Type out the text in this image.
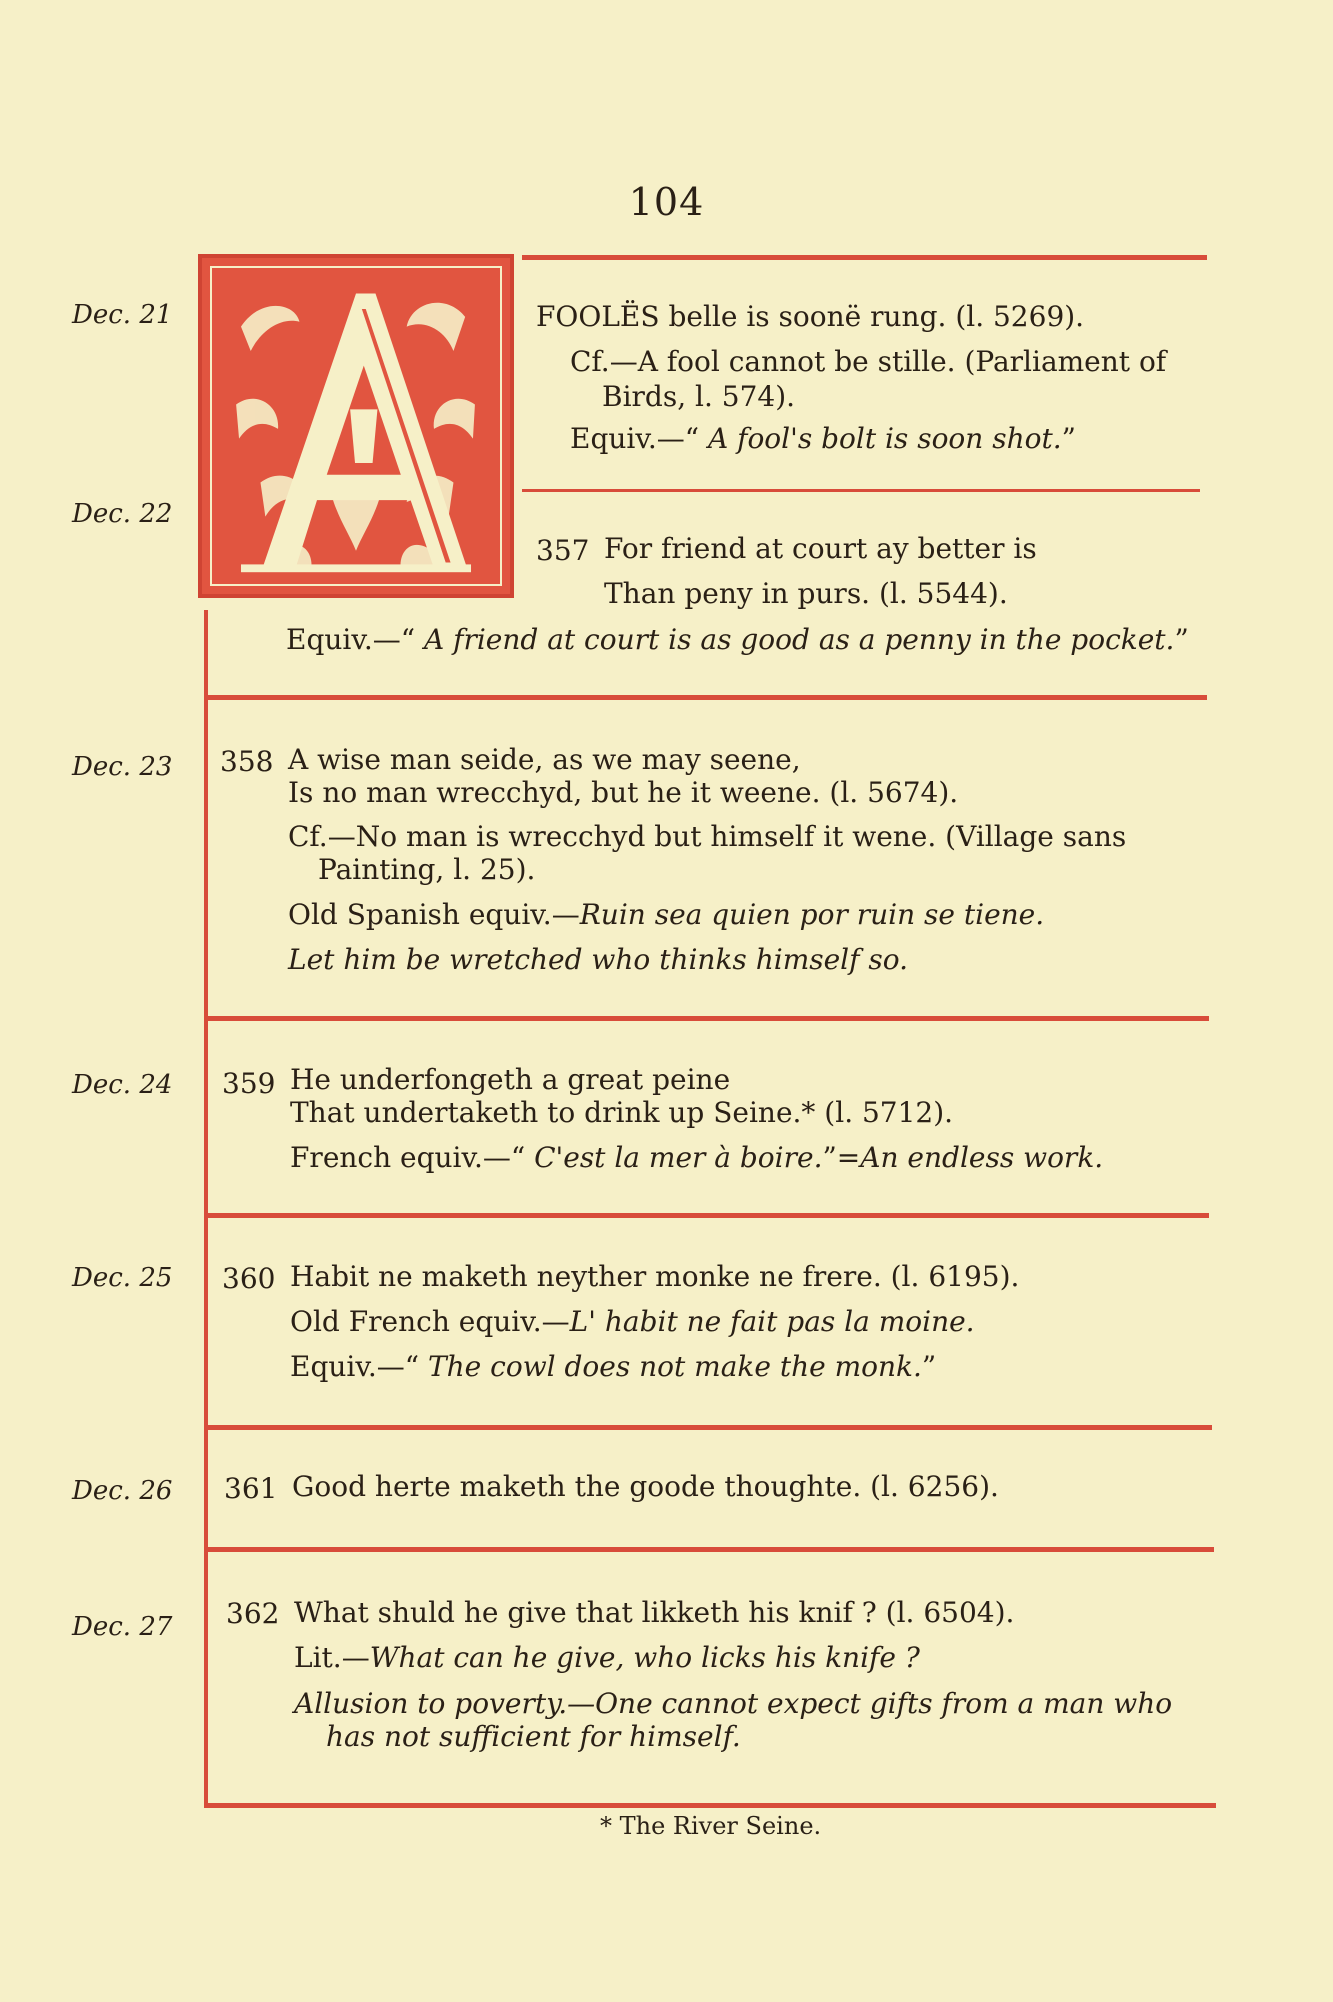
104
Dec. 21
Dec. 22
Dec. 23
Dec. 24
Dec. 25
Dec. 26
Dec. 27
FOOLËS belle is soonë rung. (l. 5269).
Cf.—A fool cannot be stille. (Parliament of
Birds, l. 574).
Equiv.—“ A fool's bolt is soon shot.”
357 For friend at court ay better is
Than peny in purs. (l. 5544).
Equiv.—“ A friend at court is as good as a penny in the pocket.”
358 A wise man seide, as we may seene,
Is no man wrecchyd, but he it weene. (l. 5674).
Cf.—No man is wrecchyd but himself it wene. (Village sans
Painting, l. 25).
Old Spanish equiv.—Ruin sea quien por ruin se tiene.
Let him be wretched who thinks himself so.
359 He underfongeth a great peine
That undertaketh to drink up Seine.* (l. 5712).
French equiv.—“ C'est la mer à boire.”=An endless work.
360 Habit ne maketh neyther monke ne frere. (l. 6195).
Old French equiv.—L' habit ne fait pas la moine.
Equiv.—“ The cowl does not make the monk.”
361 Good herte maketh the goode thoughte. (l. 6256).
362 What shuld he give that likketh his knif ? (l. 6504).
Lit.—What can he give, who licks his knife ?
Allusion to poverty.—One cannot expect gifts from a man who
has not sufficient for himself.
* The River Seine.
